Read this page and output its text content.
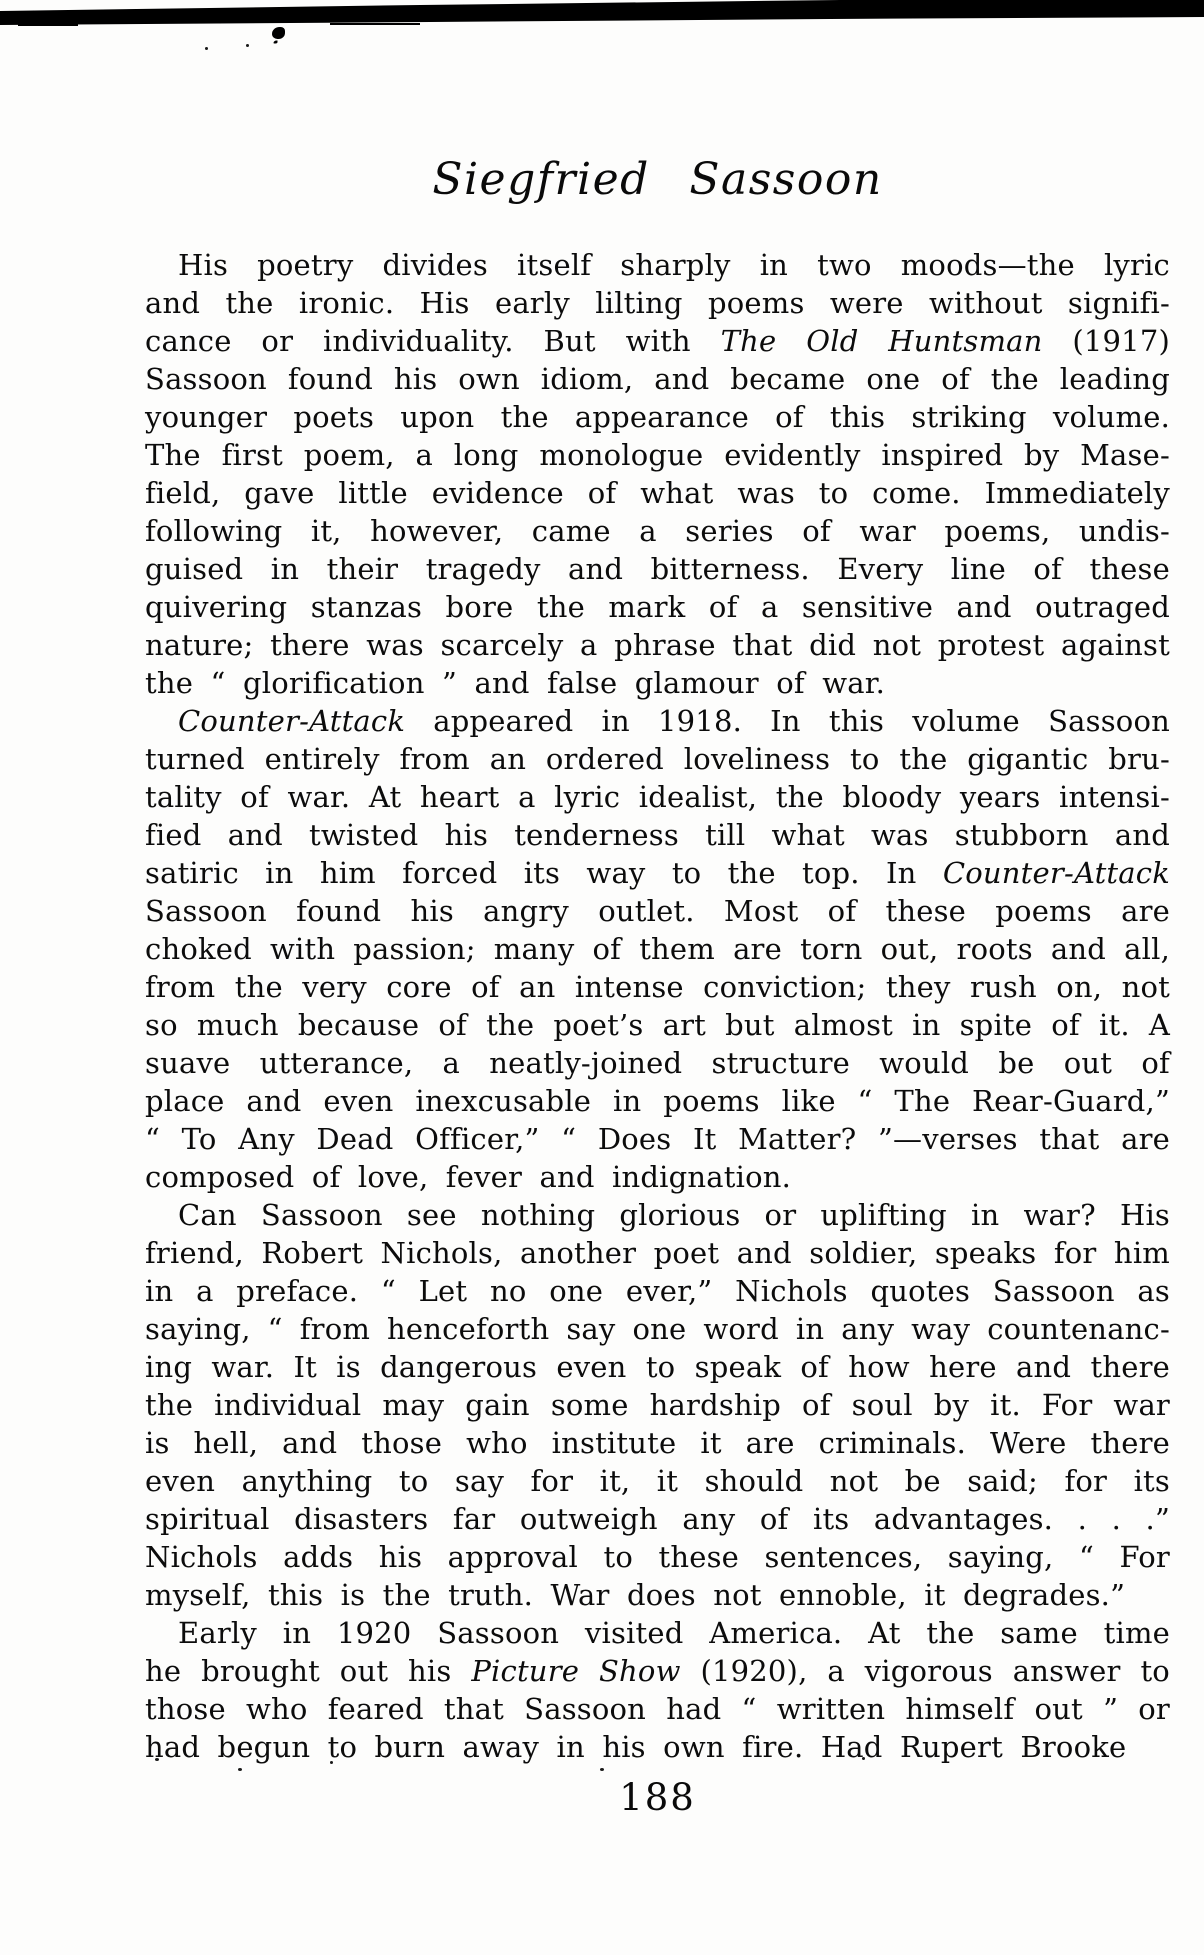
Siegfried Sassoon
His poetry divides itself sharply in two moods—the lyric
and the ironic. His early lilting poems were without signifi-
cance or individuality. But with The Old Huntsman (1917)
Sassoon found his own idiom, and became one of the leading
younger poets upon the appearance of this striking volume.
The first poem, a long monologue evidently inspired by Mase-
field, gave little evidence of what was to come. Immediately
following it, however, came a series of war poems, undis-
guised in their tragedy and bitterness. Every line of these
quivering stanzas bore the mark of a sensitive and outraged
nature; there was scarcely a phrase that did not protest against
the “ glorification ” and false glamour of war.
Counter-Attack appeared in 1918. In this volume Sassoon
turned entirely from an ordered loveliness to the gigantic bru-
tality of war. At heart a lyric idealist, the bloody years intensi-
fied and twisted his tenderness till what was stubborn and
satiric in him forced its way to the top. In Counter-Attack
Sassoon found his angry outlet. Most of these poems are
choked with passion; many of them are torn out, roots and all,
from the very core of an intense conviction; they rush on, not
so much because of the poet’s art but almost in spite of it. A
suave utterance, a neatly-joined structure would be out of
place and even inexcusable in poems like “ The Rear-Guard,”
“ To Any Dead Officer,” “ Does It Matter? ”—verses that are
composed of love, fever and indignation.
Can Sassoon see nothing glorious or uplifting in war? His
friend, Robert Nichols, another poet and soldier, speaks for him
in a preface. “ Let no one ever,” Nichols quotes Sassoon as
saying, “ from henceforth say one word in any way countenanc-
ing war. It is dangerous even to speak of how here and there
the individual may gain some hardship of soul by it. For war
is hell, and those who institute it are criminals. Were there
even anything to say for it, it should not be said; for its
spiritual disasters far outweigh any of its advantages. . . .”
Nichols adds his approval to these sentences, saying, “ For
myself, this is the truth. War does not ennoble, it degrades.”
Early in 1920 Sassoon visited America. At the same time
he brought out his Picture Show (1920), a vigorous answer to
those who feared that Sassoon had “ written himself out ” or
had begun to burn away in his own fire. Had Rupert Brooke
188
